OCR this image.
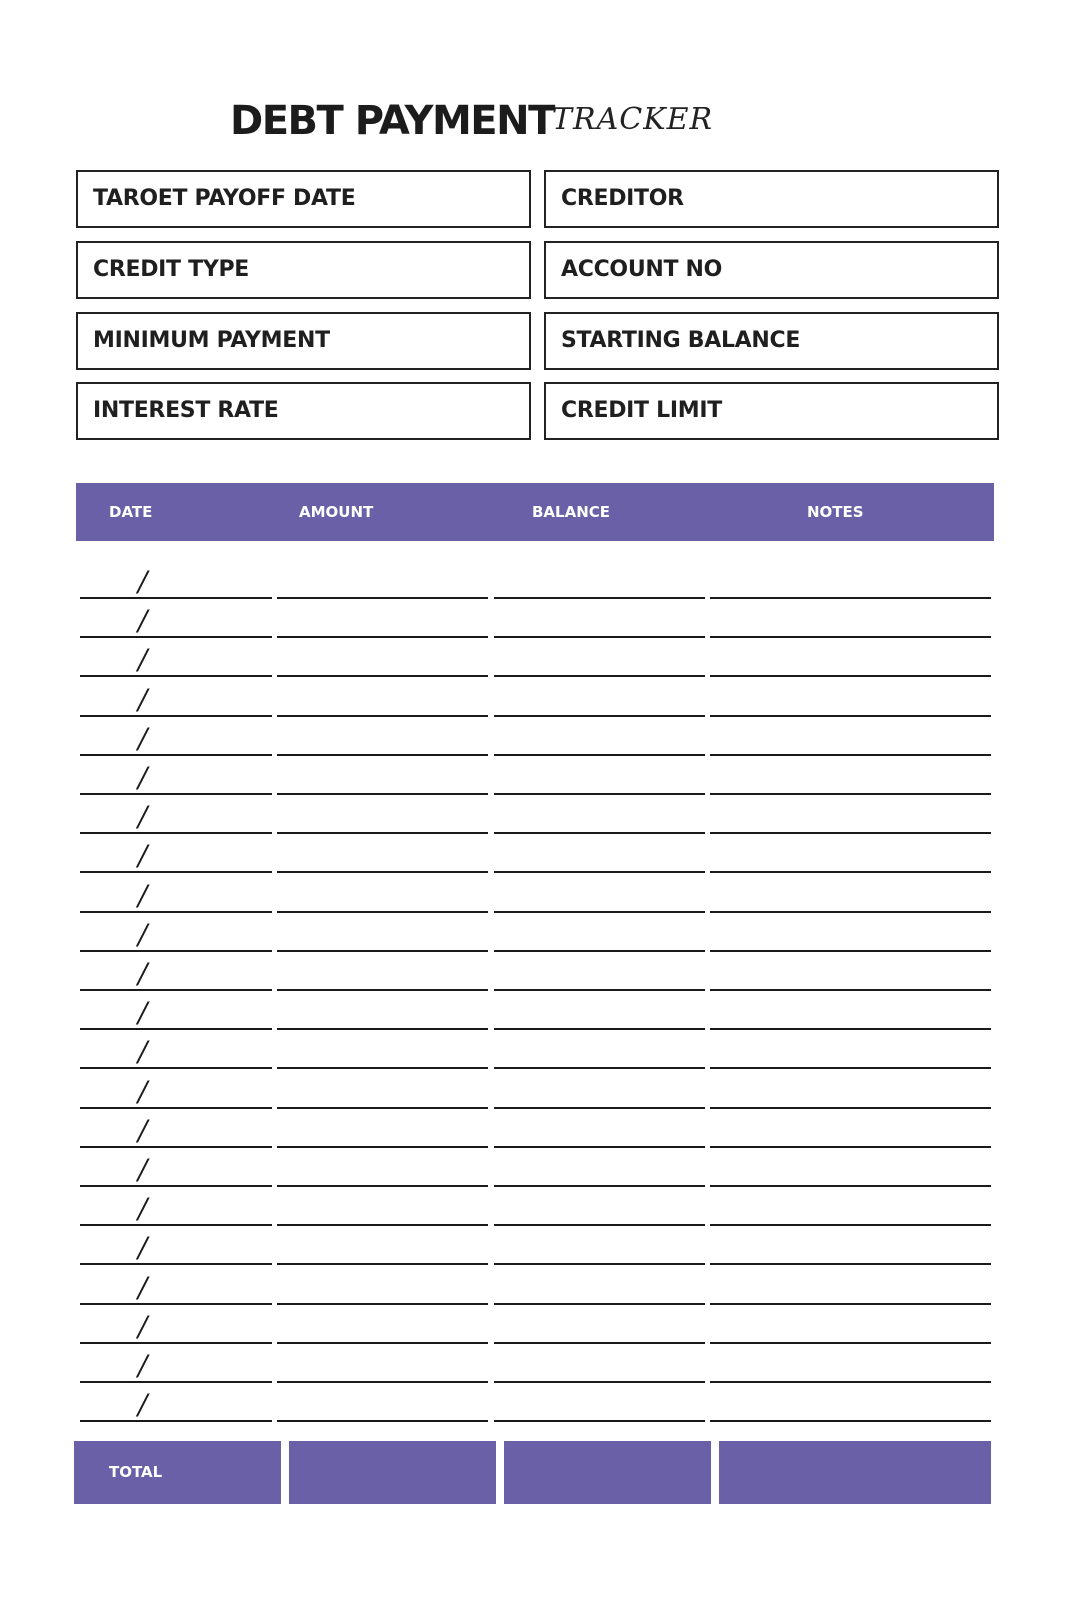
DEBT PAYMENT
TRACKER
TAROET PAYOFF DATE
CREDIT TYPE
MINIMUM PAYMENT
INTEREST RATE
CREDITOR
ACCOUNT NO
STARTING BALANCE
CREDIT LIMIT
DATE	AMOUNT	BALANCE	NOTES
/
/
/
/
/
/
/
/
/
/
/
/
/
/
/
/
/
/
/
/
/
/
TOTAL
